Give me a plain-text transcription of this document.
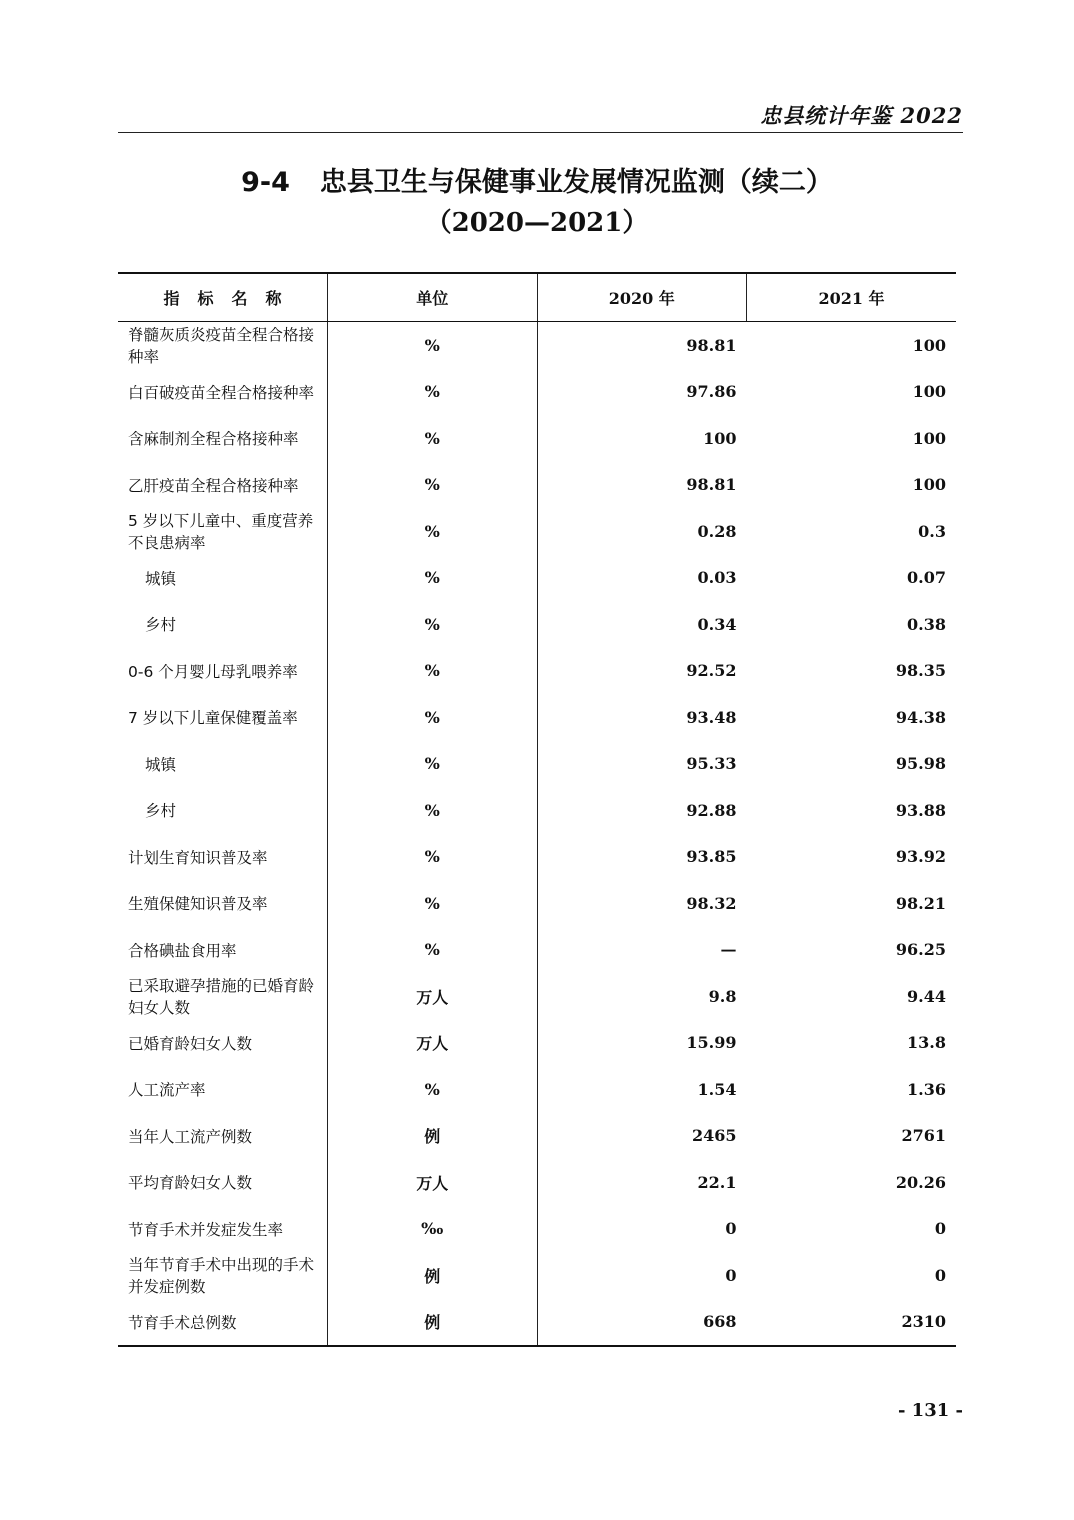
忠县统计年鉴 2022
9-4 忠县卫生与保健事业发展情况监测（续二）
（2020—2021）
指标名称	单位	2020 年	2021 年
脊髓灰质炎疫苗全程合格接种率	%	98.81	100
白百破疫苗全程合格接种率	%	97.86	100
含麻制剂全程合格接种率	%	100	100
乙肝疫苗全程合格接种率	%	98.81	100
5 岁以下儿童中、重度营养不良患病率	%	0.28	0.3
城镇	%	0.03	0.07
乡村	%	0.34	0.38
0-6 个月婴儿母乳喂养率	%	92.52	98.35
7 岁以下儿童保健覆盖率	%	93.48	94.38
城镇	%	95.33	95.98
乡村	%	92.88	93.88
计划生育知识普及率	%	93.85	93.92
生殖保健知识普及率	%	98.32	98.21
合格碘盐食用率	%	—	96.25
已采取避孕措施的已婚育龄妇女人数	万人	9.8	9.44
已婚育龄妇女人数	万人	15.99	13.8
人工流产率	%	1.54	1.36
当年人工流产例数	例	2465	2761
平均育龄妇女人数	万人	22.1	20.26
节育手术并发症发生率	‰	0	0
当年节育手术中出现的手术并发症例数	例	0	0
节育手术总例数	例	668	2310
- 131 -
